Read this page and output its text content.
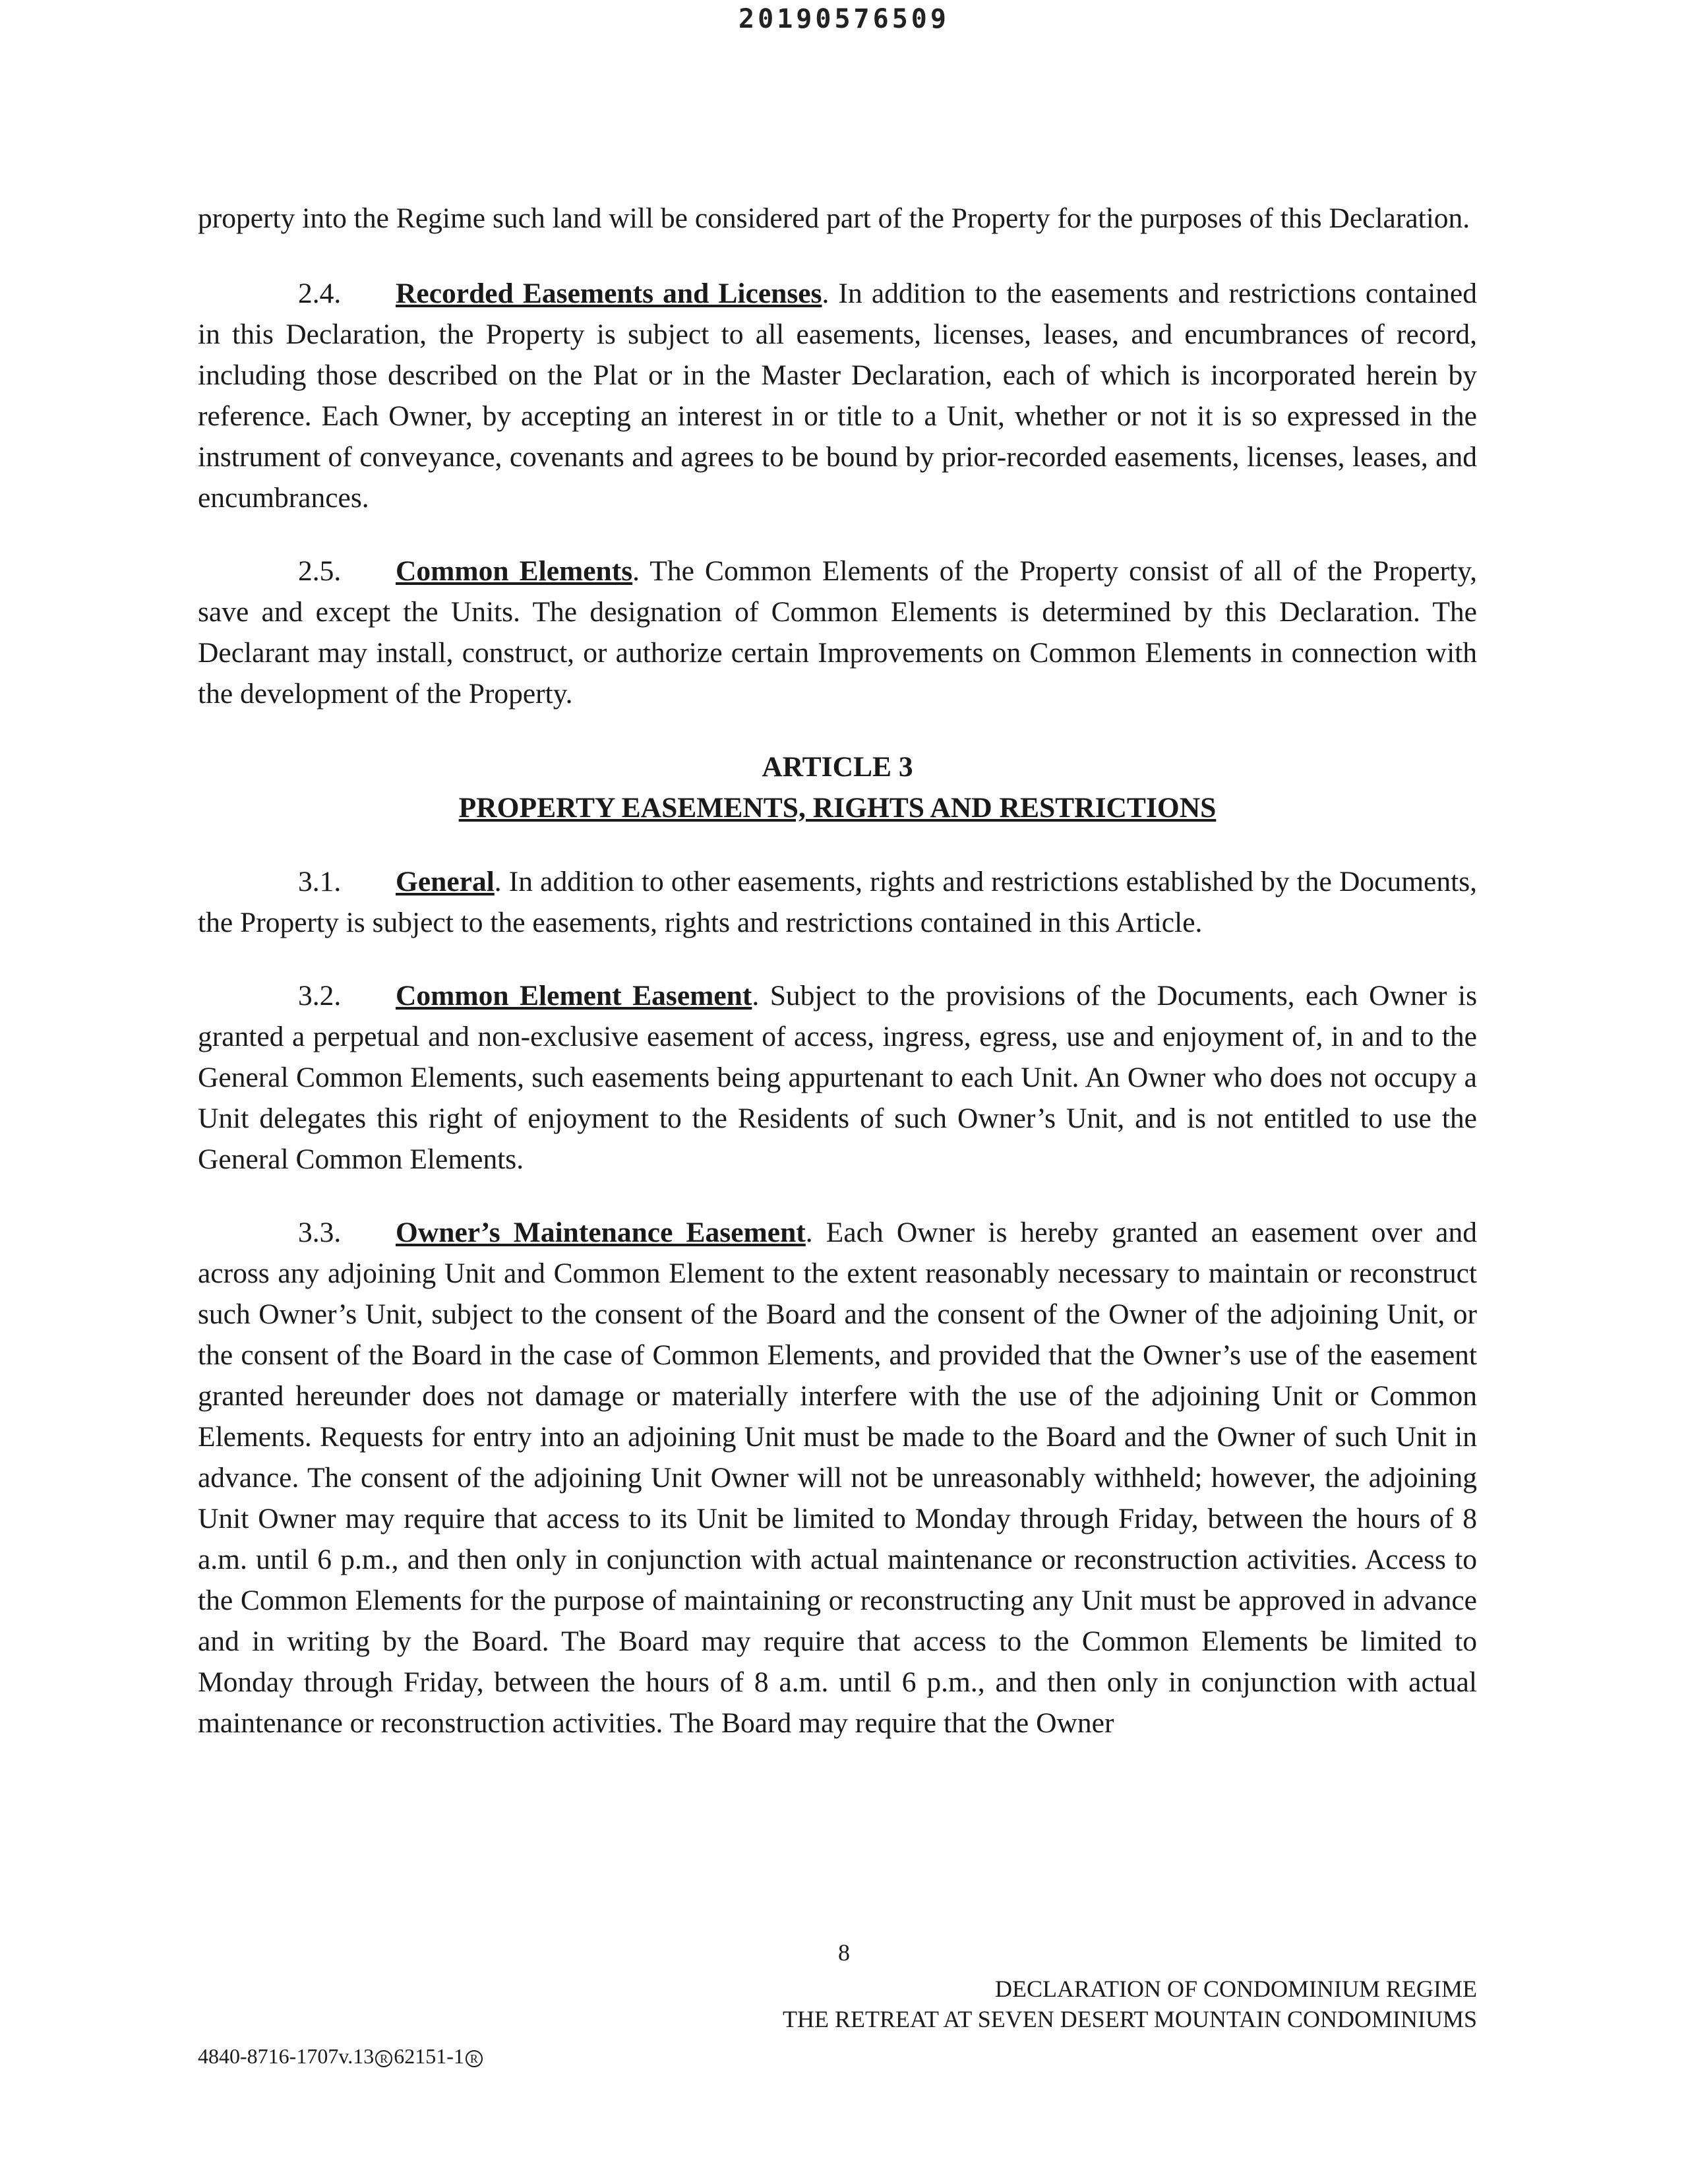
20190576509

property into the Regime such land will be considered part of the Property for the purposes of this Declaration.

2.4. Recorded Easements and Licenses. In addition to the easements and restrictions contained in this Declaration, the Property is subject to all easements, licenses, leases, and encumbrances of record, including those described on the Plat or in the Master Declaration, each of which is incorporated herein by reference. Each Owner, by accepting an interest in or title to a Unit, whether or not it is so expressed in the instrument of conveyance, covenants and agrees to be bound by prior-recorded easements, licenses, leases, and encumbrances.

2.5. Common Elements. The Common Elements of the Property consist of all of the Property, save and except the Units. The designation of Common Elements is determined by this Declaration. The Declarant may install, construct, or authorize certain Improvements on Common Elements in connection with the development of the Property.

ARTICLE 3
PROPERTY EASEMENTS, RIGHTS AND RESTRICTIONS

3.1. General. In addition to other easements, rights and restrictions established by the Documents, the Property is subject to the easements, rights and restrictions contained in this Article.

3.2. Common Element Easement. Subject to the provisions of the Documents, each Owner is granted a perpetual and non-exclusive easement of access, ingress, egress, use and enjoyment of, in and to the General Common Elements, such easements being appurtenant to each Unit. An Owner who does not occupy a Unit delegates this right of enjoyment to the Residents of such Owner’s Unit, and is not entitled to use the General Common Elements.

3.3. Owner’s Maintenance Easement. Each Owner is hereby granted an easement over and across any adjoining Unit and Common Element to the extent reasonably necessary to maintain or reconstruct such Owner’s Unit, subject to the consent of the Board and the consent of the Owner of the adjoining Unit, or the consent of the Board in the case of Common Elements, and provided that the Owner’s use of the easement granted hereunder does not damage or materially interfere with the use of the adjoining Unit or Common Elements. Requests for entry into an adjoining Unit must be made to the Board and the Owner of such Unit in advance. The consent of the adjoining Unit Owner will not be unreasonably withheld; however, the adjoining Unit Owner may require that access to its Unit be limited to Monday through Friday, between the hours of 8 a.m. until 6 p.m., and then only in conjunction with actual maintenance or reconstruction activities. Access to the Common Elements for the purpose of maintaining or reconstructing any Unit must be approved in advance and in writing by the Board. The Board may require that access to the Common Elements be limited to Monday through Friday, between the hours of 8 a.m. until 6 p.m., and then only in conjunction with actual maintenance or reconstruction activities. The Board may require that the Owner

8
DECLARATION OF CONDOMINIUM REGIME
THE RETREAT AT SEVEN DESERT MOUNTAIN CONDOMINIUMS
4840-8716-1707v.13 R 62151-1 R
